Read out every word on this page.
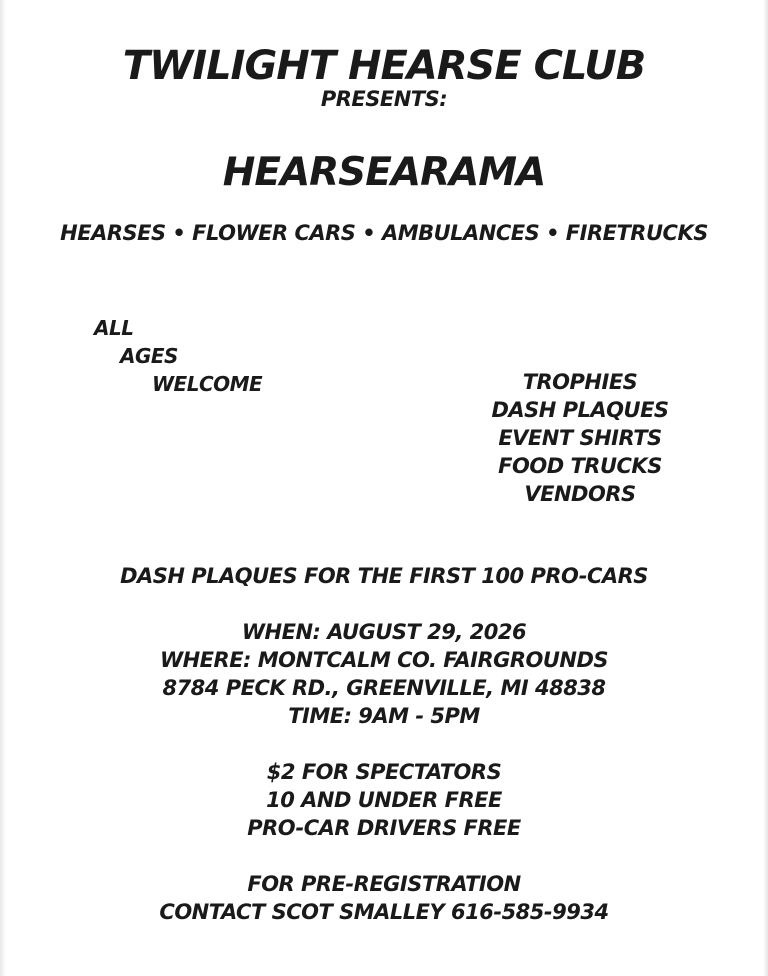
TWILIGHT HEARSE CLUB
PRESENTS:
HEARSEARAMA
HEARSES • FLOWER CARS • AMBULANCES • FIRETRUCKS
ALL
AGES
WELCOME	TROPHIES
DASH PLAQUES
EVENT SHIRTS
FOOD TRUCKS
VENDORS
DASH PLAQUES FOR THE FIRST 100 PRO-CARS
WHEN: AUGUST 29, 2026
WHERE: MONTCALM CO. FAIRGROUNDS
8784 PECK RD., GREENVILLE, MI 48838
TIME: 9AM - 5PM
$2 FOR SPECTATORS
10 AND UNDER FREE
PRO-CAR DRIVERS FREE
FOR PRE-REGISTRATION
CONTACT SCOT SMALLEY 616-585-9934
